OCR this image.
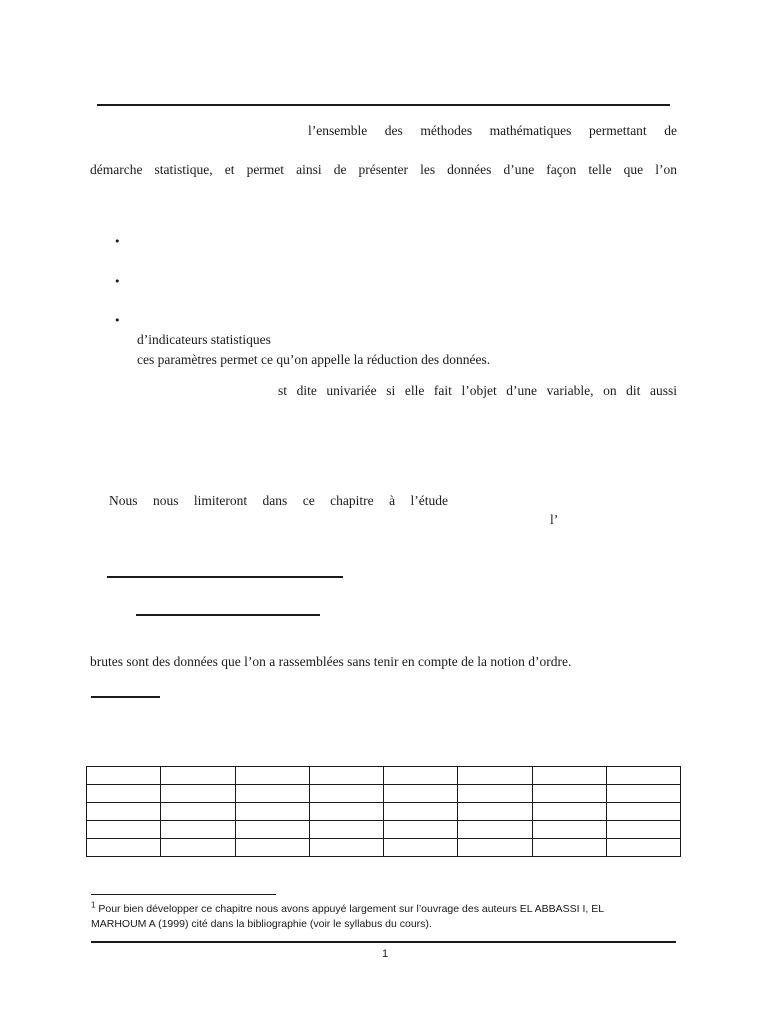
l’ensemble des méthodes mathématiques permettant de
démarche statistique, et permet ainsi de présenter les données d’une façon telle que l’on
•
•
•
d’indicateurs statistiques
ces paramètres permet ce qu’on appelle la réduction des données.
st dite univariée si elle fait l’objet d’une variable, on dit aussi
Nous nous limiteront dans ce chapitre à l’étude
l’
brutes sont des données que l’on a rassemblées sans tenir en compte de la notion d’ordre.

$^1$ Pour bien développer ce chapitre nous avons appuyé largement sur l’ouvrage des auteurs EL ABBASSI I, EL
MARHOUM A (1999) cité dans la bibliographie (voir le syllabus du cours).
1
